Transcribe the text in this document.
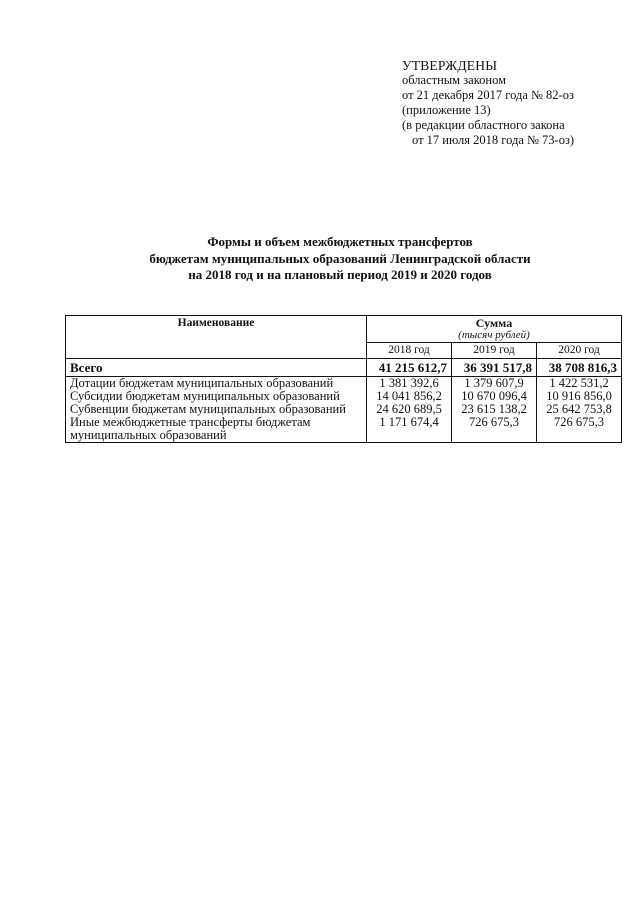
УТВЕРЖДЕНЫ
областным законом
от 21 декабря 2017 года № 82-оз
(приложение 13)
(в редакции областного закона
от 17 июля 2018 года № 73-оз)
Формы и объем межбюджетных трансфертов
бюджетам муниципальных образований Ленинградской области
на 2018 год и на плановый период 2019 и 2020 годов
Наименование	Сумма
(тысяч рублей)		

	2018 год	2019 год	2020 год
Всего	41 215 612,7	36 391 517,8	38 708 816,3
Дотации бюджетам муниципальных образований	1 381 392,6	1 379 607,9	1 422 531,2
Субсидии бюджетам муниципальных образований	14 041 856,2	10 670 096,4	10 916 856,0
Субвенции бюджетам муниципальных образований	24 620 689,5	23 615 138,2	25 642 753,8
Иные межбюджетные трансферты бюджетам муниципальных образований	1 171 674,4	726 675,3	726 675,3
